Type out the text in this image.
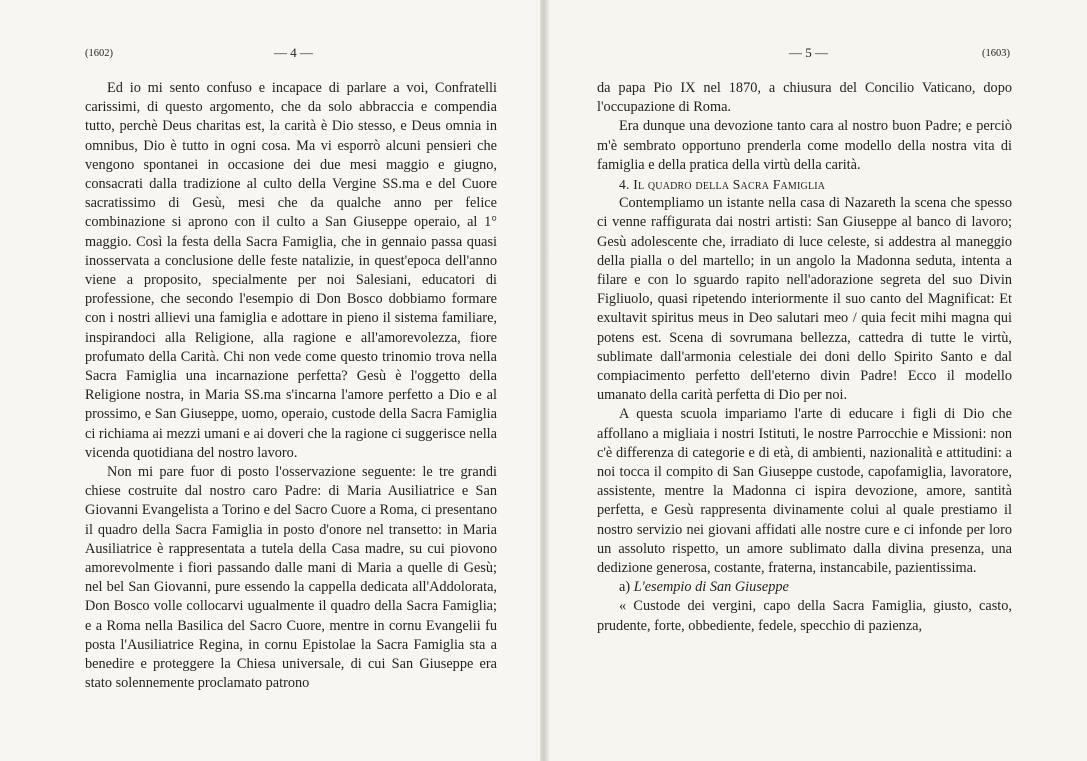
(1602)	— 4 —

Ed io mi sento confuso e incapace di parlare a voi, Confratelli carissimi, di questo argomento, che da solo abbraccia e compendia tutto, perchè Deus charitas est, la carità è Dio stesso, e Deus omnia in omnibus, Dio è tutto in ogni cosa. Ma vi esporrò alcuni pensieri che vengono spontanei in occasione dei due mesi maggio e giugno, consacrati dalla tradizione al culto della Vergine SS.ma e del Cuore sacratissimo di Gesù, mesi che da qualche anno per felice combinazione si aprono con il culto a San Giuseppe operaio, al 1° maggio. Così la festa della Sacra Famiglia, che in gennaio passa quasi inosservata a conclusione delle feste natalizie, in quest'epoca dell'anno viene a proposito, specialmente per noi Salesiani, educatori di professione, che secondo l'esempio di Don Bosco dobbiamo formare con i nostri allievi una famiglia e adottare in pieno il sistema familiare, inspirandoci alla Religione, alla ragione e all'amorevolezza, fiore profumato della Carità. Chi non vede come questo trinomio trova nella Sacra Famiglia una incarnazione perfetta? Gesù è l'oggetto della Religione nostra, in Maria SS.ma s'incarna l'amore perfetto a Dio e al prossimo, e San Giuseppe, uomo, operaio, custode della Sacra Famiglia ci richiama ai mezzi umani e ai doveri che la ragione ci suggerisce nella vicenda quotidiana del nostro lavoro.

Non mi pare fuor di posto l'osservazione seguente: le tre grandi chiese costruite dal nostro caro Padre: di Maria Ausiliatrice e San Giovanni Evangelista a Torino e del Sacro Cuore a Roma, ci presentano il quadro della Sacra Famiglia in posto d'onore nel transetto: in Maria Ausiliatrice è rappresentata a tutela della Casa madre, su cui piovono amorevolmente i fiori passando dalle mani di Maria a quelle di Gesù; nel bel San Giovanni, pure essendo la cappella dedicata all'Addolorata, Don Bosco volle collocarvi ugualmente il quadro della Sacra Famiglia; e a Roma nella Basilica del Sacro Cuore, mentre in cornu Evangelii fu posta l'Ausiliatrice Regina, in cornu Epistolae la Sacra Famiglia sta a benedire e proteggere la Chiesa universale, di cui San Giuseppe era stato solennemente proclamato patrono

— 5 —	(1603)

da papa Pio IX nel 1870, a chiusura del Concilio Vaticano, dopo l'occupazione di Roma.

Era dunque una devozione tanto cara al nostro buon Padre; e perciò m'è sembrato opportuno prenderla come modello della nostra vita di famiglia e della pratica della virtù della carità.

4. Il quadro della Sacra Famiglia

Contempliamo un istante nella casa di Nazareth la scena che spesso ci venne raffigurata dai nostri artisti: San Giuseppe al banco di lavoro; Gesù adolescente che, irradiato di luce celeste, si addestra al maneggio della pialla o del martello; in un angolo la Madonna seduta, intenta a filare e con lo sguardo rapito nell'adorazione segreta del suo Divin Figliuolo, quasi ripetendo interiormente il suo canto del Magnificat: Et exultavit spiritus meus in Deo salutari meo / quia fecit mihi magna qui potens est. Scena di sovrumana bellezza, cattedra di tutte le virtù, sublimate dall'armonia celestiale dei doni dello Spirito Santo e dal compiacimento perfetto dell'eterno divin Padre! Ecco il modello umanato della carità perfetta di Dio per noi.

A questa scuola impariamo l'arte di educare i figli di Dio che affollano a migliaia i nostri Istituti, le nostre Parrocchie e Missioni: non c'è differenza di categorie e di età, di ambienti, nazionalità e attitudini: a noi tocca il compito di San Giuseppe custode, capofamiglia, lavoratore, assistente, mentre la Madonna ci ispira devozione, amore, santità perfetta, e Gesù rappresenta divinamente colui al quale prestiamo il nostro servizio nei giovani affidati alle nostre cure e ci infonde per loro un assoluto rispetto, un amore sublimato dalla divina presenza, una dedizione generosa, costante, fraterna, instancabile, pazientissima.

a) L'esempio di San Giuseppe

« Custode dei vergini, capo della Sacra Famiglia, giusto, casto, prudente, forte, obbediente, fedele, specchio di pazienza,
